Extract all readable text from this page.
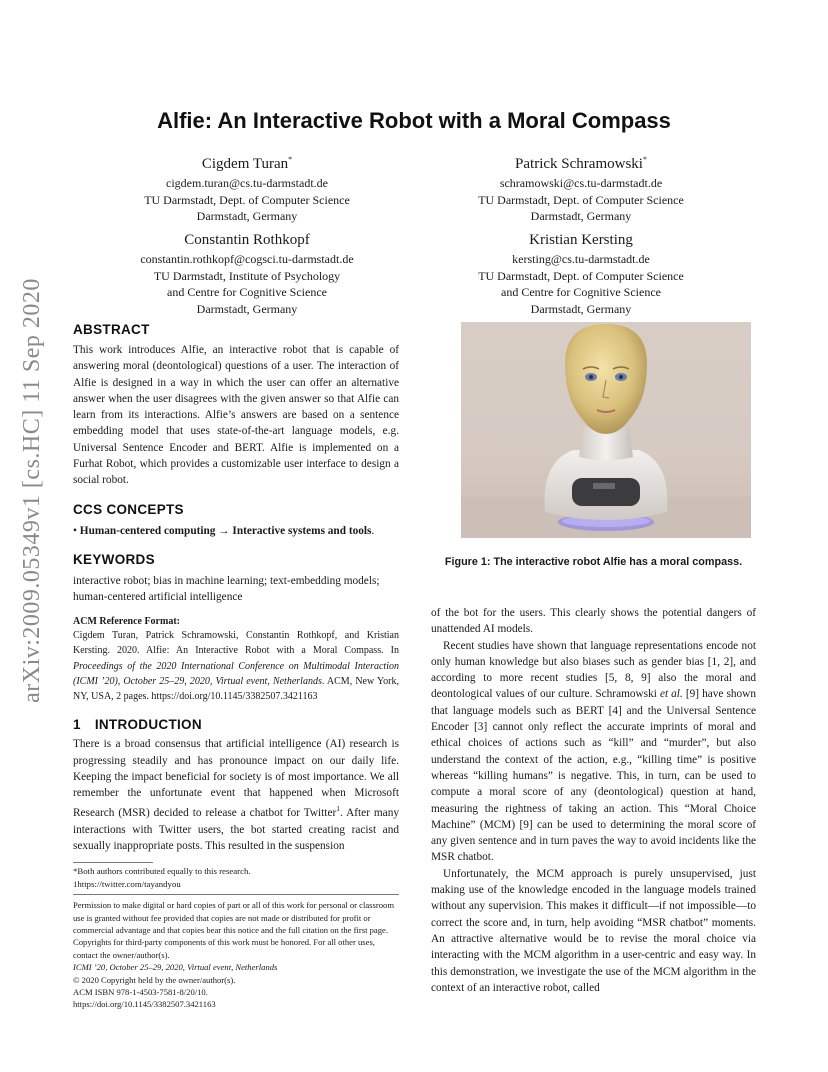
arXiv:2009.05349v1 [cs.HC] 11 Sep 2020
Alfie: An Interactive Robot with a Moral Compass
Cigdem Turan*
cigdem.turan@cs.tu-darmstadt.de
TU Darmstadt, Dept. of Computer Science
Darmstadt, Germany
Patrick Schramowski*
schramowski@cs.tu-darmstadt.de
TU Darmstadt, Dept. of Computer Science
Darmstadt, Germany
Constantin Rothkopf
constantin.rothkopf@cogsci.tu-darmstadt.de
TU Darmstadt, Institute of Psychology
and Centre for Cognitive Science
Darmstadt, Germany
Kristian Kersting
kersting@cs.tu-darmstadt.de
TU Darmstadt, Dept. of Computer Science
and Centre for Cognitive Science
Darmstadt, Germany
ABSTRACT

This work introduces Alfie, an interactive robot that is capable of answering moral (deontological) questions of a user. The interaction of Alfie is designed in a way in which the user can offer an alternative answer when the user disagrees with the given answer so that Alfie can learn from its interactions. Alfie’s answers are based on a sentence embedding model that uses state-of-the-art language models, e.g. Universal Sentence Encoder and BERT. Alfie is implemented on a Furhat Robot, which provides a customizable user interface to design a social robot.

CCS CONCEPTS
• Human-centered computing → Interactive systems and tools.
KEYWORDS

interactive robot; bias in machine learning; text-embedding models; human-centered artificial intelligence

ACM Reference Format:

Cigdem Turan, Patrick Schramowski, Constantin Rothkopf, and Kristian Kersting. 2020. Alfie: An Interactive Robot with a Moral Compass. In Proceedings of the 2020 International Conference on Multimodal Interaction (ICMI ’20), October 25–29, 2020, Virtual event, Netherlands. ACM, New York, NY, USA, 2 pages. https://doi.org/10.1145/3382507.3421163

1 INTRODUCTION

There is a broad consensus that artificial intelligence (AI) research is progressing steadily and has pronounce impact on our daily life. Keeping the impact beneficial for society is of most importance. We all remember the unfortunate event that happened when Microsoft Research (MSR) decided to release a chatbot for Twitter$^1$. After many interactions with Twitter users, the bot started creating racist and sexually inappropriate posts. This resulted in the suspension

*Both authors contributed equally to this research.
1https://twitter.com/tayandyou
Permission to make digital or hard copies of part or all of this work for personal or classroom use is granted without fee provided that copies are not made or distributed for profit or commercial advantage and that copies bear this notice and the full citation on the first page. Copyrights for third-party components of this work must be honored. For all other uses, contact the owner/author(s).
ICMI ’20, October 25–29, 2020, Virtual event, Netherlands
© 2020 Copyright held by the owner/author(s).
ACM ISBN 978-1-4503-7581-8/20/10.
https://doi.org/10.1145/3382507.3421163
Figure 1: The interactive robot Alfie has a moral compass.

of the bot for the users. This clearly shows the potential dangers of unattended AI models.

Recent studies have shown that language representations encode not only human knowledge but also biases such as gender bias [1, 2], and according to more recent studies [5, 8, 9] also the moral and deontological values of our culture. Schramowski et al. [9] have shown that language models such as BERT [4] and the Universal Sentence Encoder [3] cannot only reflect the accurate imprints of moral and ethical choices of actions such as “kill” and “murder”, but also understand the context of the action, e.g., “killing time” is positive whereas “killing humans” is negative. This, in turn, can be used to compute a moral score of any (deontological) question at hand, measuring the rightness of taking an action. This “Moral Choice Machine” (MCM) [9] can be used to determining the moral score of any given sentence and in turn paves the way to avoid incidents like the MSR chatbot.

Unfortunately, the MCM approach is purely unsupervised, just making use of the knowledge encoded in the language models trained without any supervision. This makes it difficult—if not impossible—to correct the score and, in turn, help avoiding “MSR chatbot” moments. An attractive alternative would be to revise the moral choice via interacting with the MCM algorithm in a user-centric and easy way. In this demonstration, we investigate the use of the MCM algorithm in the context of an interactive robot, called
